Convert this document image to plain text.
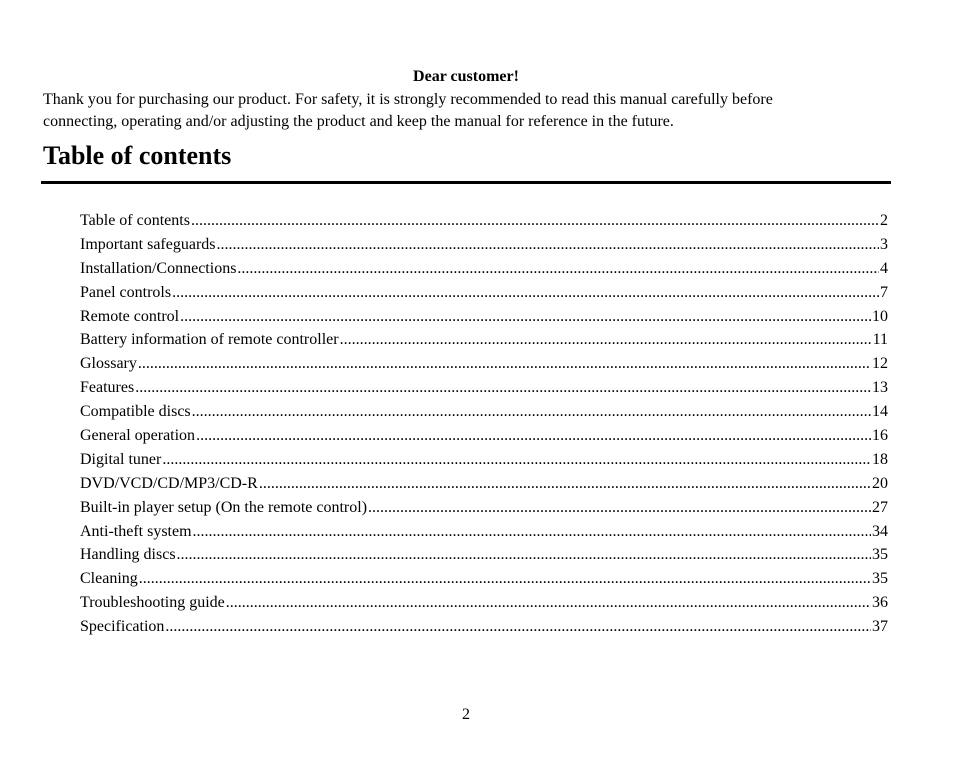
Dear customer!
Thank you for purchasing our product. For safety, it is strongly recommended to read this manual carefully before
connecting, operating and/or adjusting the product and keep the manual for reference in the future.
Table of contents
Table of contents .....	2
Important safeguards .....	3
Installation/Connections .....	4
Panel controls .....	7
Remote control .....	10
Battery information of remote controller .....	11
Glossary .....	12
Features .....	13
Compatible discs .....	14
General operation .....	16
Digital tuner .....	18
DVD/VCD/CD/MP3/CD-R .....	20
Built-in player setup (On the remote control) .....	27
Anti-theft system .....	34
Handling discs .....	35
Cleaning .....	35
Troubleshooting guide .....	36
Specification .....	37
2
